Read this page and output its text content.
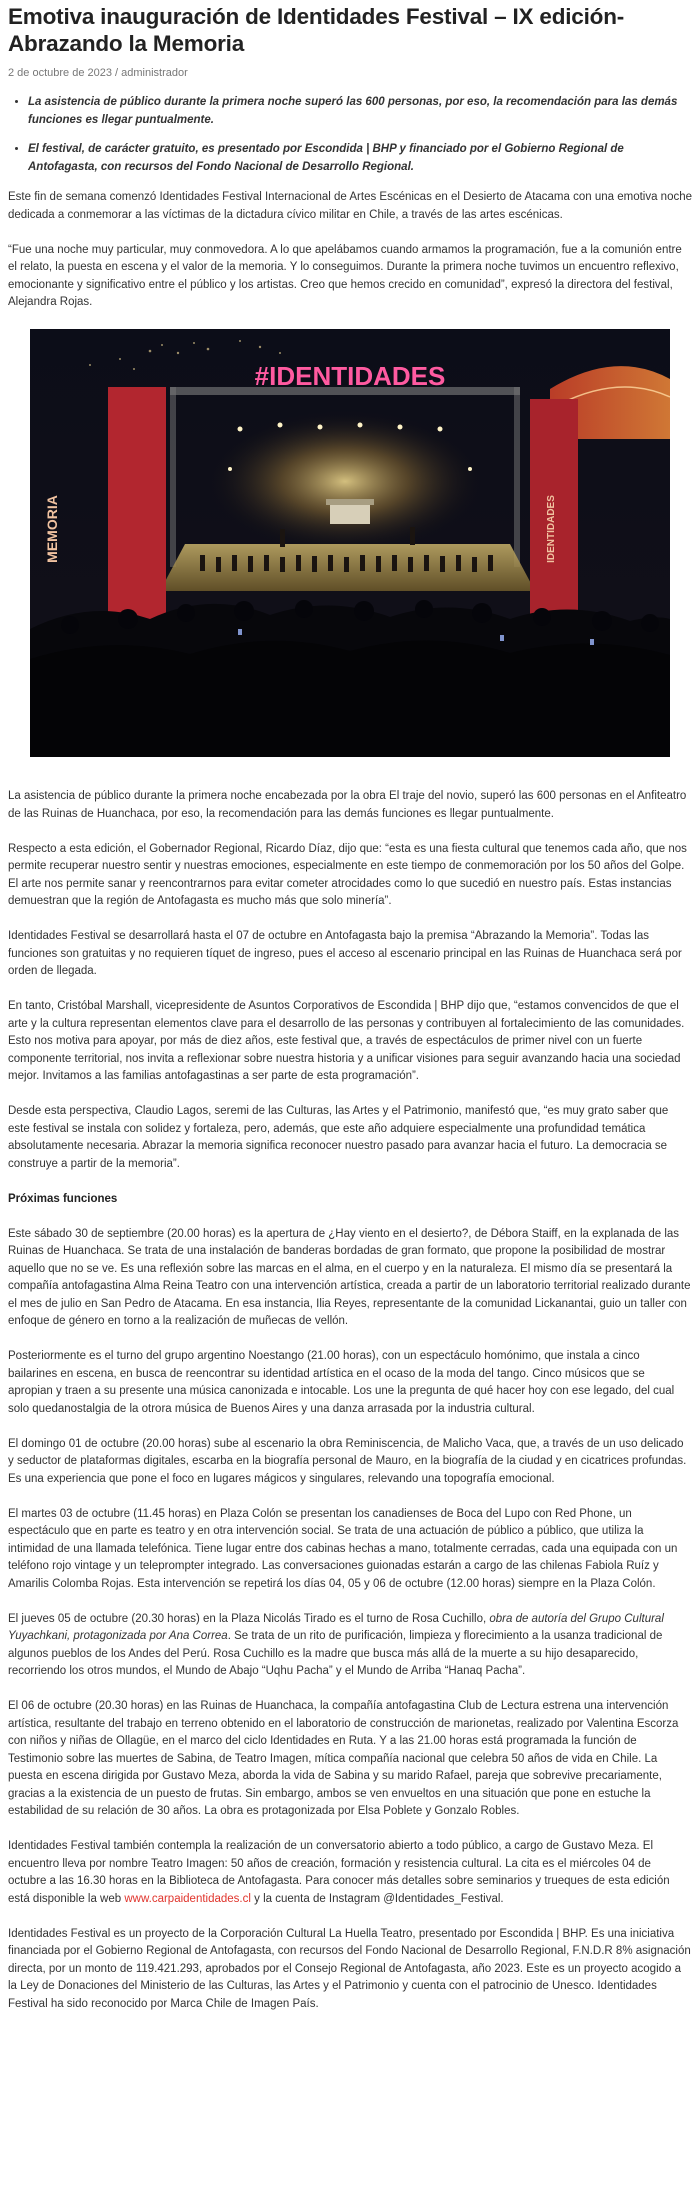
Emotiva inauguración de Identidades Festival – IX edición- Abrazando la Memoria
2 de octubre de 2023 / administrador
• La asistencia de público durante la primera noche superó las 600 personas, por eso, la recomendación para las demás funciones es llegar puntualmente.
• El festival, de carácter gratuito, es presentado por Escondida | BHP y financiado por el Gobierno Regional de Antofagasta, con recursos del Fondo Nacional de Desarrollo Regional.

Este fin de semana comenzó Identidades Festival Internacional de Artes Escénicas en el Desierto de Atacama con una emotiva noche dedicada a conmemorar a las víctimas de la dictadura cívico militar en Chile, a través de las artes escénicas.

“Fue una noche muy particular, muy conmovedora. A lo que apelábamos cuando armamos la programación, fue a la comunión entre el relato, la puesta en escena y el valor de la memoria. Y lo conseguimos. Durante la primera noche tuvimos un encuentro reflexivo, emocionante y significativo entre el público y los artistas. Creo que hemos crecido en comunidad”, expresó la directora del festival, Alejandra Rojas.

#IDENTIDADES
MEMORIA	IDENTIDADES

La asistencia de público durante la primera noche encabezada por la obra El traje del novio, superó las 600 personas en el Anfiteatro de las Ruinas de Huanchaca, por eso, la recomendación para las demás funciones es llegar puntualmente.

Respecto a esta edición, el Gobernador Regional, Ricardo Díaz, dijo que: “esta es una fiesta cultural que tenemos cada año, que nos permite recuperar nuestro sentir y nuestras emociones, especialmente en este tiempo de conmemoración por los 50 años del Golpe. El arte nos permite sanar y reencontrarnos para evitar cometer atrocidades como lo que sucedió en nuestro país. Estas instancias demuestran que la región de Antofagasta es mucho más que solo minería”.

Identidades Festival se desarrollará hasta el 07 de octubre en Antofagasta bajo la premisa “Abrazando la Memoria”. Todas las funciones son gratuitas y no requieren tíquet de ingreso, pues el acceso al escenario principal en las Ruinas de Huanchaca será por orden de llegada.

En tanto, Cristóbal Marshall, vicepresidente de Asuntos Corporativos de Escondida | BHP dijo que, “estamos convencidos de que el arte y la cultura representan elementos clave para el desarrollo de las personas y contribuyen al fortalecimiento de las comunidades. Esto nos motiva para apoyar, por más de diez años, este festival que, a través de espectáculos de primer nivel con un fuerte componente territorial, nos invita a reflexionar sobre nuestra historia y a unificar visiones para seguir avanzando hacia una sociedad mejor. Invitamos a las familias antofagastinas a ser parte de esta programación”.

Desde esta perspectiva, Claudio Lagos, seremi de las Culturas, las Artes y el Patrimonio, manifestó que, “es muy grato saber que este festival se instala con solidez y fortaleza, pero, además, que este año adquiere especialmente una profundidad temática absolutamente necesaria. Abrazar la memoria significa reconocer nuestro pasado para avanzar hacia el futuro. La democracia se construye a partir de la memoria”.

Próximas funciones

Este sábado 30 de septiembre (20.00 horas) es la apertura de ¿Hay viento en el desierto?, de Débora Staiff, en la explanada de las Ruinas de Huanchaca. Se trata de una instalación de banderas bordadas de gran formato, que propone la posibilidad de mostrar aquello que no se ve. Es una reflexión sobre las marcas en el alma, en el cuerpo y en la naturaleza. El mismo día se presentará la compañía antofagastina Alma Reina Teatro con una intervención artística, creada a partir de un laboratorio territorial realizado durante el mes de julio en San Pedro de Atacama. En esa instancia, Ilia Reyes, representante de la comunidad Lickanantai, guio un taller con enfoque de género en torno a la realización de muñecas de vellón.

Posteriormente es el turno del grupo argentino Noestango (21.00 horas), con un espectáculo homónimo, que instala a cinco bailarines en escena, en busca de reencontrar su identidad artística en el ocaso de la moda del tango. Cinco músicos que se apropian y traen a su presente una música canonizada e intocable. Los une la pregunta de qué hacer hoy con ese legado, del cual solo quedanostalgia de la otrora música de Buenos Aires y una danza arrasada por la industria cultural.

El domingo 01 de octubre (20.00 horas) sube al escenario la obra Reminiscencia, de Malicho Vaca, que, a través de un uso delicado y seductor de plataformas digitales, escarba en la biografía personal de Mauro, en la biografía de la ciudad y en cicatrices profundas. Es una experiencia que pone el foco en lugares mágicos y singulares, relevando una topografía emocional.

El martes 03 de octubre (11.45 horas) en Plaza Colón se presentan los canadienses de Boca del Lupo con Red Phone, un espectáculo que en parte es teatro y en otra intervención social. Se trata de una actuación de público a público, que utiliza la intimidad de una llamada telefónica. Tiene lugar entre dos cabinas hechas a mano, totalmente cerradas, cada una equipada con un teléfono rojo vintage y un teleprompter integrado. Las conversaciones guionadas estarán a cargo de las chilenas Fabiola Ruíz y Amarilis Colomba Rojas. Esta intervención se repetirá los días 04, 05 y 06 de octubre (12.00 horas) siempre en la Plaza Colón.

El jueves 05 de octubre (20.30 horas) en la Plaza Nicolás Tirado es el turno de Rosa Cuchillo, obra de autoría del Grupo Cultural Yuyachkani, protagonizada por Ana Correa. Se trata de un rito de purificación, limpieza y florecimiento a la usanza tradicional de algunos pueblos de los Andes del Perú. Rosa Cuchillo es la madre que busca más allá de la muerte a su hijo desaparecido, recorriendo los otros mundos, el Mundo de Abajo “Uqhu Pacha” y el Mundo de Arriba “Hanaq Pacha”.

El 06 de octubre (20.30 horas) en las Ruinas de Huanchaca, la compañía antofagastina Club de Lectura estrena una intervención artística, resultante del trabajo en terreno obtenido en el laboratorio de construcción de marionetas, realizado por Valentina Escorza con niños y niñas de Ollagüe, en el marco del ciclo Identidades en Ruta. Y a las 21.00 horas está programada la función de Testimonio sobre las muertes de Sabina, de Teatro Imagen, mítica compañía nacional que celebra 50 años de vida en Chile. La puesta en escena dirigida por Gustavo Meza, aborda la vida de Sabina y su marido Rafael, pareja que sobrevive precariamente, gracias a la existencia de un puesto de frutas. Sin embargo, ambos se ven envueltos en una situación que pone en estuche la estabilidad de su relación de 30 años. La obra es protagonizada por Elsa Poblete y Gonzalo Robles.

Identidades Festival también contempla la realización de un conversatorio abierto a todo público, a cargo de Gustavo Meza. El encuentro lleva por nombre Teatro Imagen: 50 años de creación, formación y resistencia cultural. La cita es el miércoles 04 de octubre a las 16.30 horas en la Biblioteca de Antofagasta. Para conocer más detalles sobre seminarios y trueques de esta edición está disponible la web www.carpaidentidades.cl y la cuenta de Instagram @Identidades_Festival.

Identidades Festival es un proyecto de la Corporación Cultural La Huella Teatro, presentado por Escondida | BHP. Es una iniciativa financiada por el Gobierno Regional de Antofagasta, con recursos del Fondo Nacional de Desarrollo Regional, F.N.D.R 8% asignación directa, por un monto de 119.421.293, aprobados por el Consejo Regional de Antofagasta, año 2023. Este es un proyecto acogido a la Ley de Donaciones del Ministerio de las Culturas, las Artes y el Patrimonio y cuenta con el patrocinio de Unesco. Identidades Festival ha sido reconocido por Marca Chile de Imagen País.
